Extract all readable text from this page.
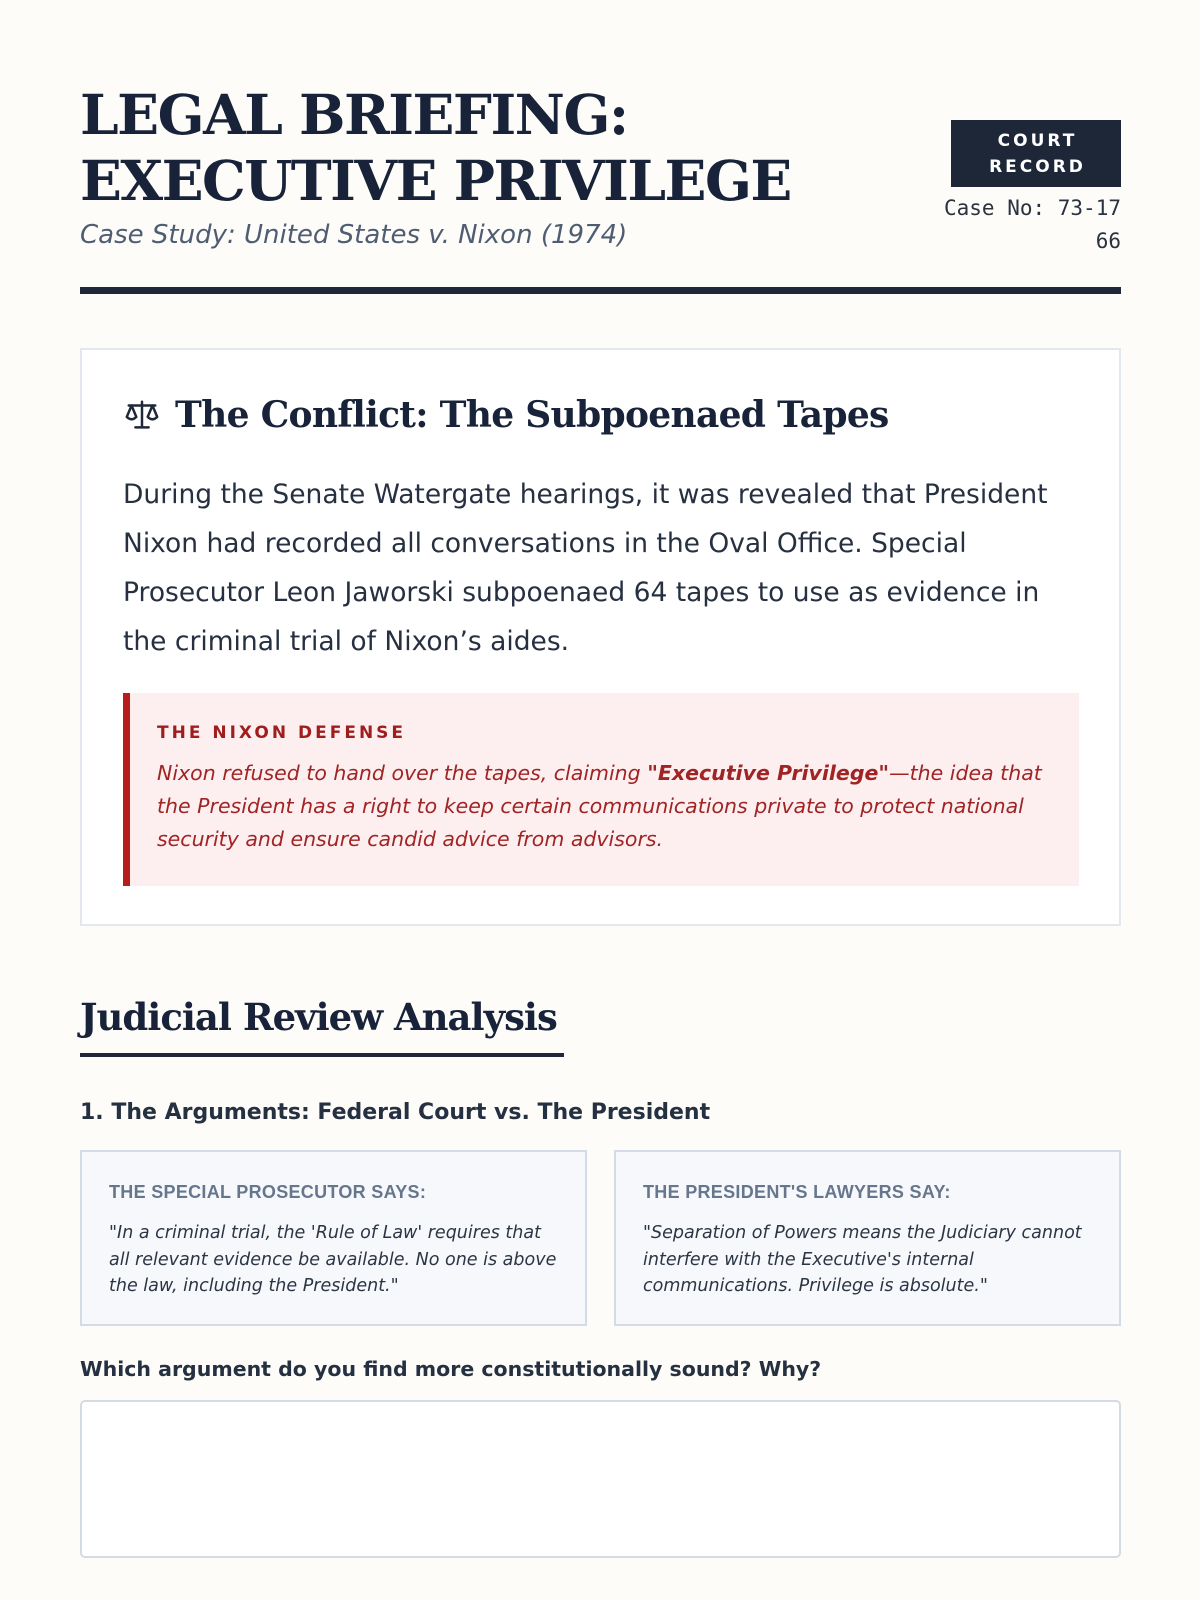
LEGAL BRIEFING: EXECUTIVE PRIVILEGE
Case Study: United States v. Nixon (1974)
COURT RECORD
Case No: 73-1766
The Conflict: The Subpoenaed Tapes

During the Senate Watergate hearings, it was revealed that President Nixon had recorded all conversations in the Oval Office. Special Prosecutor Leon Jaworski subpoenaed 64 tapes to use as evidence in the criminal trial of Nixon’s aides.

THE NIXON DEFENSE

Nixon refused to hand over the tapes, claiming "Executive Privilege"—the idea that the President has a right to keep certain communications private to protect national security and ensure candid advice from advisors.

Judicial Review Analysis
1. The Arguments: Federal Court vs. The President
THE SPECIAL PROSECUTOR SAYS:

"In a criminal trial, the 'Rule of Law' requires that all relevant evidence be available. No one is above the law, including the President."

THE PRESIDENT'S LAWYERS SAY:

"Separation of Powers means the Judiciary cannot interfere with the Executive's internal communications. Privilege is absolute."

Which argument do you find more constitutionally sound? Why?
